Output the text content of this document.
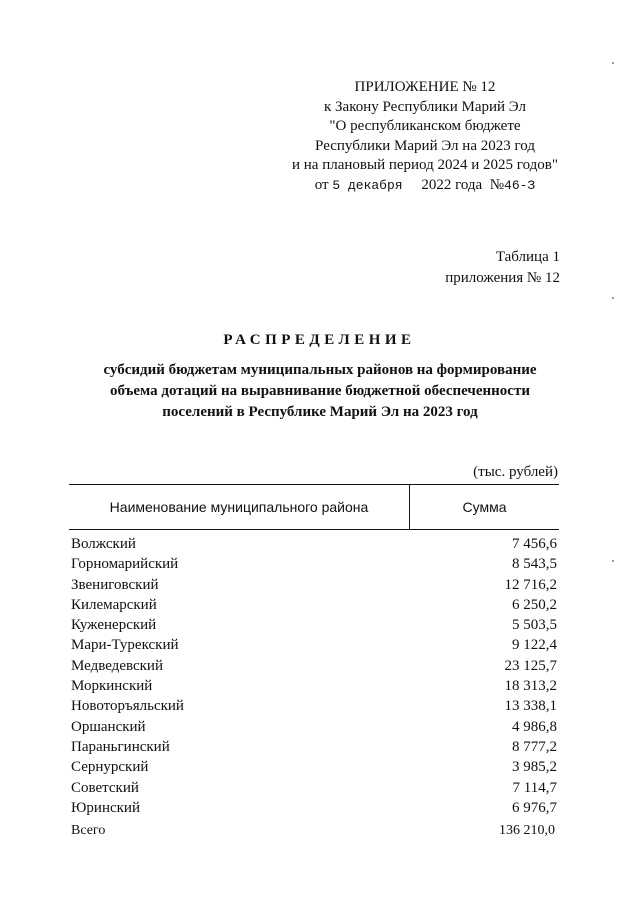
ПРИЛОЖЕНИЕ № 12
к Закону Республики Марий Эл
"О республиканском бюджете
Республики Марий Эл на 2023 год
и на плановый период 2024 и 2025 годов"
от 5 декабря 2022 года №46-З
Таблица 1
приложения № 12
РАСПРЕДЕЛЕНИЕ
субсидий бюджетам муниципальных районов на формирование
объема дотаций на выравнивание бюджетной обеспеченности
поселений в Республике Марий Эл на 2023 год
(тыс. рублей)
Наименование муниципального района	Сумма
Волжский	7 456,6
Горномарийский	8 543,5
Звениговский	12 716,2
Килемарский	6 250,2
Куженерский	5 503,5
Мари-Турекский	9 122,4
Медведевский	23 125,7
Моркинский	18 313,2
Новоторъяльский	13 338,1
Оршанский	4 986,8
Параньгинский	8 777,2
Сернурский	3 985,2
Советский	7 114,7
Юринский	6 976,7
Всего	136 210,0
